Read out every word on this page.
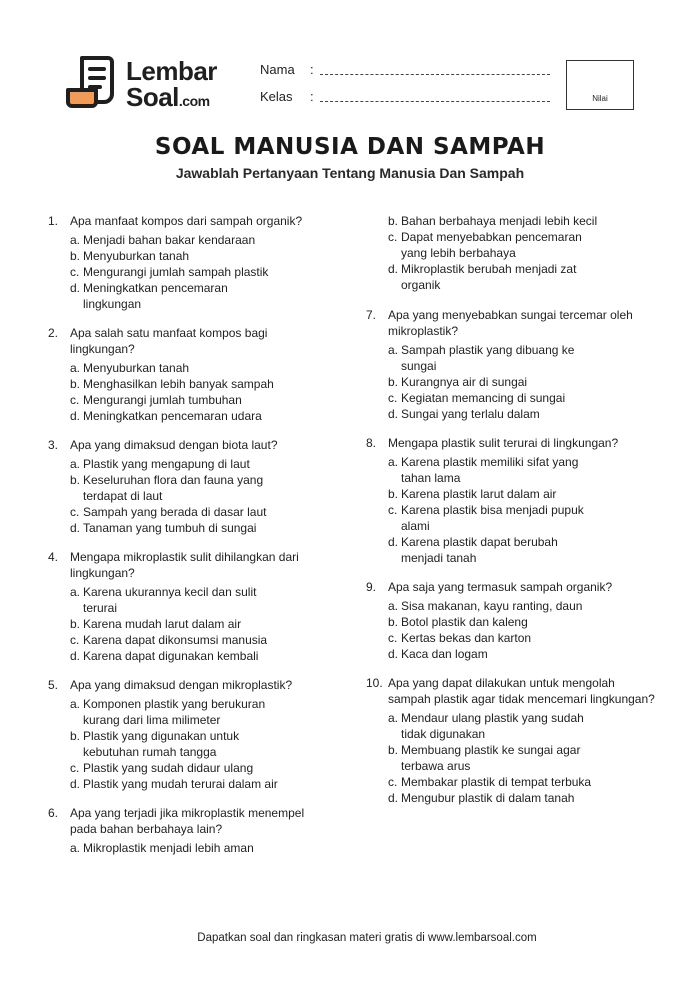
Lembar
Soal.com
Nama :
Kelas :	Nilai
SOAL MANUSIA DAN SAMPAH
Jawablah Pertanyaan Tentang Manusia Dan Sampah
1. Apa manfaat kompos dari sampah organik?
a. Menjadi bahan bakar kendaraan
b. Menyuburkan tanah
c. Mengurangi jumlah sampah plastik
d. Meningkatkan pencemaran
lingkungan
2. Apa salah satu manfaat kompos bagi lingkungan?
a. Menyuburkan tanah
b. Menghasilkan lebih banyak sampah
c. Mengurangi jumlah tumbuhan
d. Meningkatkan pencemaran udara
3. Apa yang dimaksud dengan biota laut?
a. Plastik yang mengapung di laut
b. Keseluruhan flora dan fauna yang
terdapat di laut
c. Sampah yang berada di dasar laut
d. Tanaman yang tumbuh di sungai
4. Mengapa mikroplastik sulit dihilangkan dari lingkungan?
a. Karena ukurannya kecil dan sulit
terurai
b. Karena mudah larut dalam air
c. Karena dapat dikonsumsi manusia
d. Karena dapat digunakan kembali
5. Apa yang dimaksud dengan mikroplastik?
a. Komponen plastik yang berukuran
kurang dari lima milimeter
b. Plastik yang digunakan untuk
kebutuhan rumah tangga
c. Plastik yang sudah didaur ulang
d. Plastik yang mudah terurai dalam air
6. Apa yang terjadi jika mikroplastik menempel pada bahan berbahaya lain?
a. Mikroplastik menjadi lebih aman
b. Bahan berbahaya menjadi lebih kecil
c. Dapat menyebabkan pencemaran
yang lebih berbahaya
d. Mikroplastik berubah menjadi zat
organik
7. Apa yang menyebabkan sungai tercemar oleh mikroplastik?
a. Sampah plastik yang dibuang ke
sungai
b. Kurangnya air di sungai
c. Kegiatan memancing di sungai
d. Sungai yang terlalu dalam
8. Mengapa plastik sulit terurai di lingkungan?
a. Karena plastik memiliki sifat yang
tahan lama
b. Karena plastik larut dalam air
c. Karena plastik bisa menjadi pupuk
alami
d. Karena plastik dapat berubah
menjadi tanah
9. Apa saja yang termasuk sampah organik?
a. Sisa makanan, kayu ranting, daun
b. Botol plastik dan kaleng
c. Kertas bekas dan karton
d. Kaca dan logam
10. Apa yang dapat dilakukan untuk mengolah sampah plastik agar tidak mencemari lingkungan?
a. Mendaur ulang plastik yang sudah
tidak digunakan
b. Membuang plastik ke sungai agar
terbawa arus
c. Membakar plastik di tempat terbuka
d. Mengubur plastik di dalam tanah
Dapatkan soal dan ringkasan materi gratis di www.lembarsoal.com
